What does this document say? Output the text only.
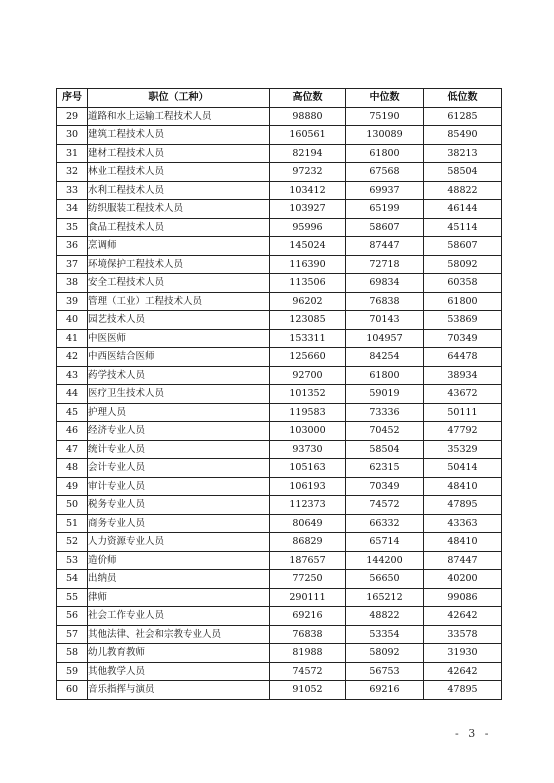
序号	职位（工种）	高位数	中位数	低位数
29	道路和水上运输工程技术人员	98880	75190	61285
30	建筑工程技术人员	160561	130089	85490
31	建材工程技术人员	82194	61800	38213
32	林业工程技术人员	97232	67568	58504
33	水利工程技术人员	103412	69937	48822
34	纺织服装工程技术人员	103927	65199	46144
35	食品工程技术人员	95996	58607	45114
36	烹调师	145024	87447	58607
37	环境保护工程技术人员	116390	72718	58092
38	安全工程技术人员	113506	69834	60358
39	管理（工业）工程技术人员	96202	76838	61800
40	园艺技术人员	123085	70143	53869
41	中医医师	153311	104957	70349
42	中西医结合医师	125660	84254	64478
43	药学技术人员	92700	61800	38934
44	医疗卫生技术人员	101352	59019	43672
45	护理人员	119583	73336	50111
46	经济专业人员	103000	70452	47792
47	统计专业人员	93730	58504	35329
48	会计专业人员	105163	62315	50414
49	审计专业人员	106193	70349	48410
50	税务专业人员	112373	74572	47895
51	商务专业人员	80649	66332	43363
52	人力资源专业人员	86829	65714	48410
53	造价师	187657	144200	87447
54	出纳员	77250	56650	40200
55	律师	290111	165212	99086
56	社会工作专业人员	69216	48822	42642
57	其他法律、社会和宗教专业人员	76838	53354	33578
58	幼儿教育教师	81988	58092	31930
59	其他教学人员	74572	56753	42642
60	音乐指挥与演员	91052	69216	47895
- 3 -
